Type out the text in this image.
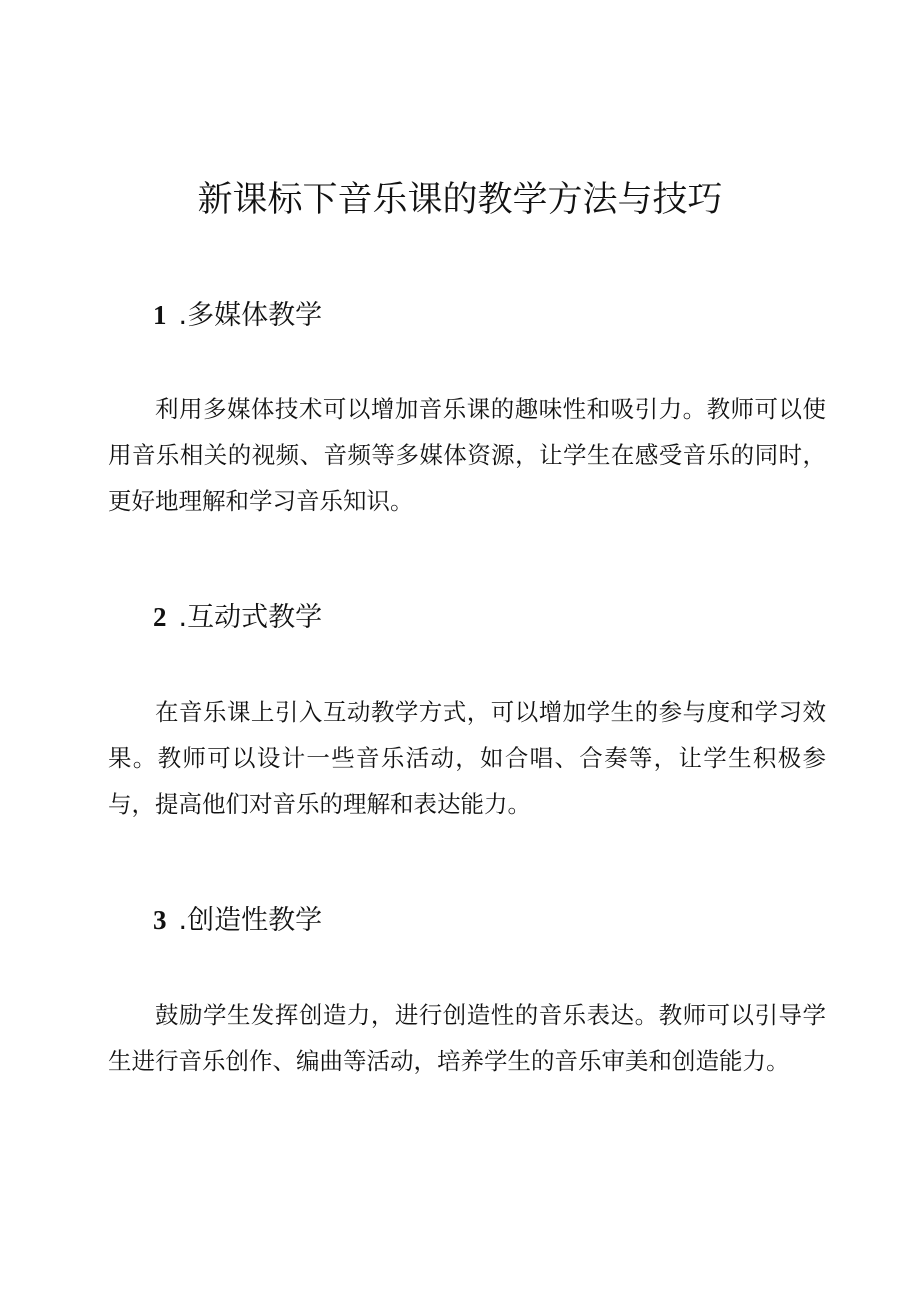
新课标下音乐课的教学方法与技巧
1 .多媒体教学

利用多媒体技术可以增加音乐课的趣味性和吸引力。教师可以使用音乐相关的视频、音频等多媒体资源，让学生在感受音乐的同时，更好地理解和学习音乐知识。

2 .互动式教学

在音乐课上引入互动教学方式，可以增加学生的参与度和学习效果。教师可以设计一些音乐活动，如合唱、合奏等，让学生积极参与，提高他们对音乐的理解和表达能力。

3 .创造性教学

鼓励学生发挥创造力，进行创造性的音乐表达。教师可以引导学生进行音乐创作、编曲等活动，培养学生的音乐审美和创造能力。
